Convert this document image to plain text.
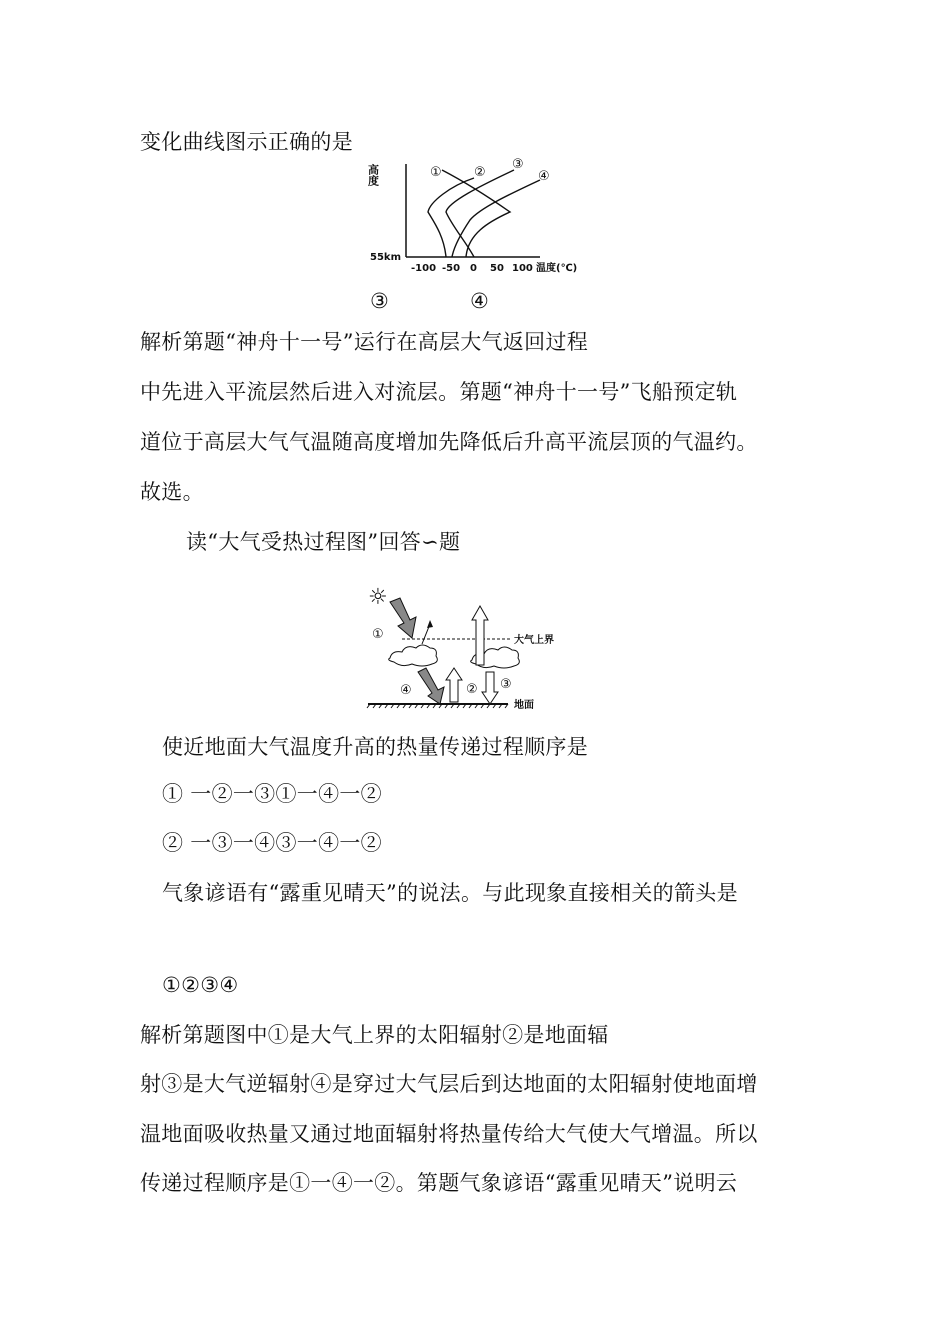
变化曲线图示正确的是
高度
55km
-100 -50 0 50 100 温度(℃)
① ②
③
④
③	④
解析第题“神舟十一号”运行在高层大气返回过程
中先进入平流层然后进入对流层。第题“神舟十一号”飞船预定轨
道位于高层大气气温随高度增加先降低后升高平流层顶的气温约。
故选。
读“大气受热过程图”回答∽题
☼
大气上界
①
④	② ③
地面
使近地面大气温度升高的热量传递过程顺序是
① 一②一③①一④一②
② 一③一④③一④一②
气象谚语有“露重见晴天”的说法。与此现象直接相关的箭头是
①②③④
解析第题图中①是大气上界的太阳辐射②是地面辐
射③是大气逆辐射④是穿过大气层后到达地面的太阳辐射使地面增
温地面吸收热量又通过地面辐射将热量传给大气使大气增温。所以
传递过程顺序是①一④一②。第题气象谚语“露重见晴天”说明云
